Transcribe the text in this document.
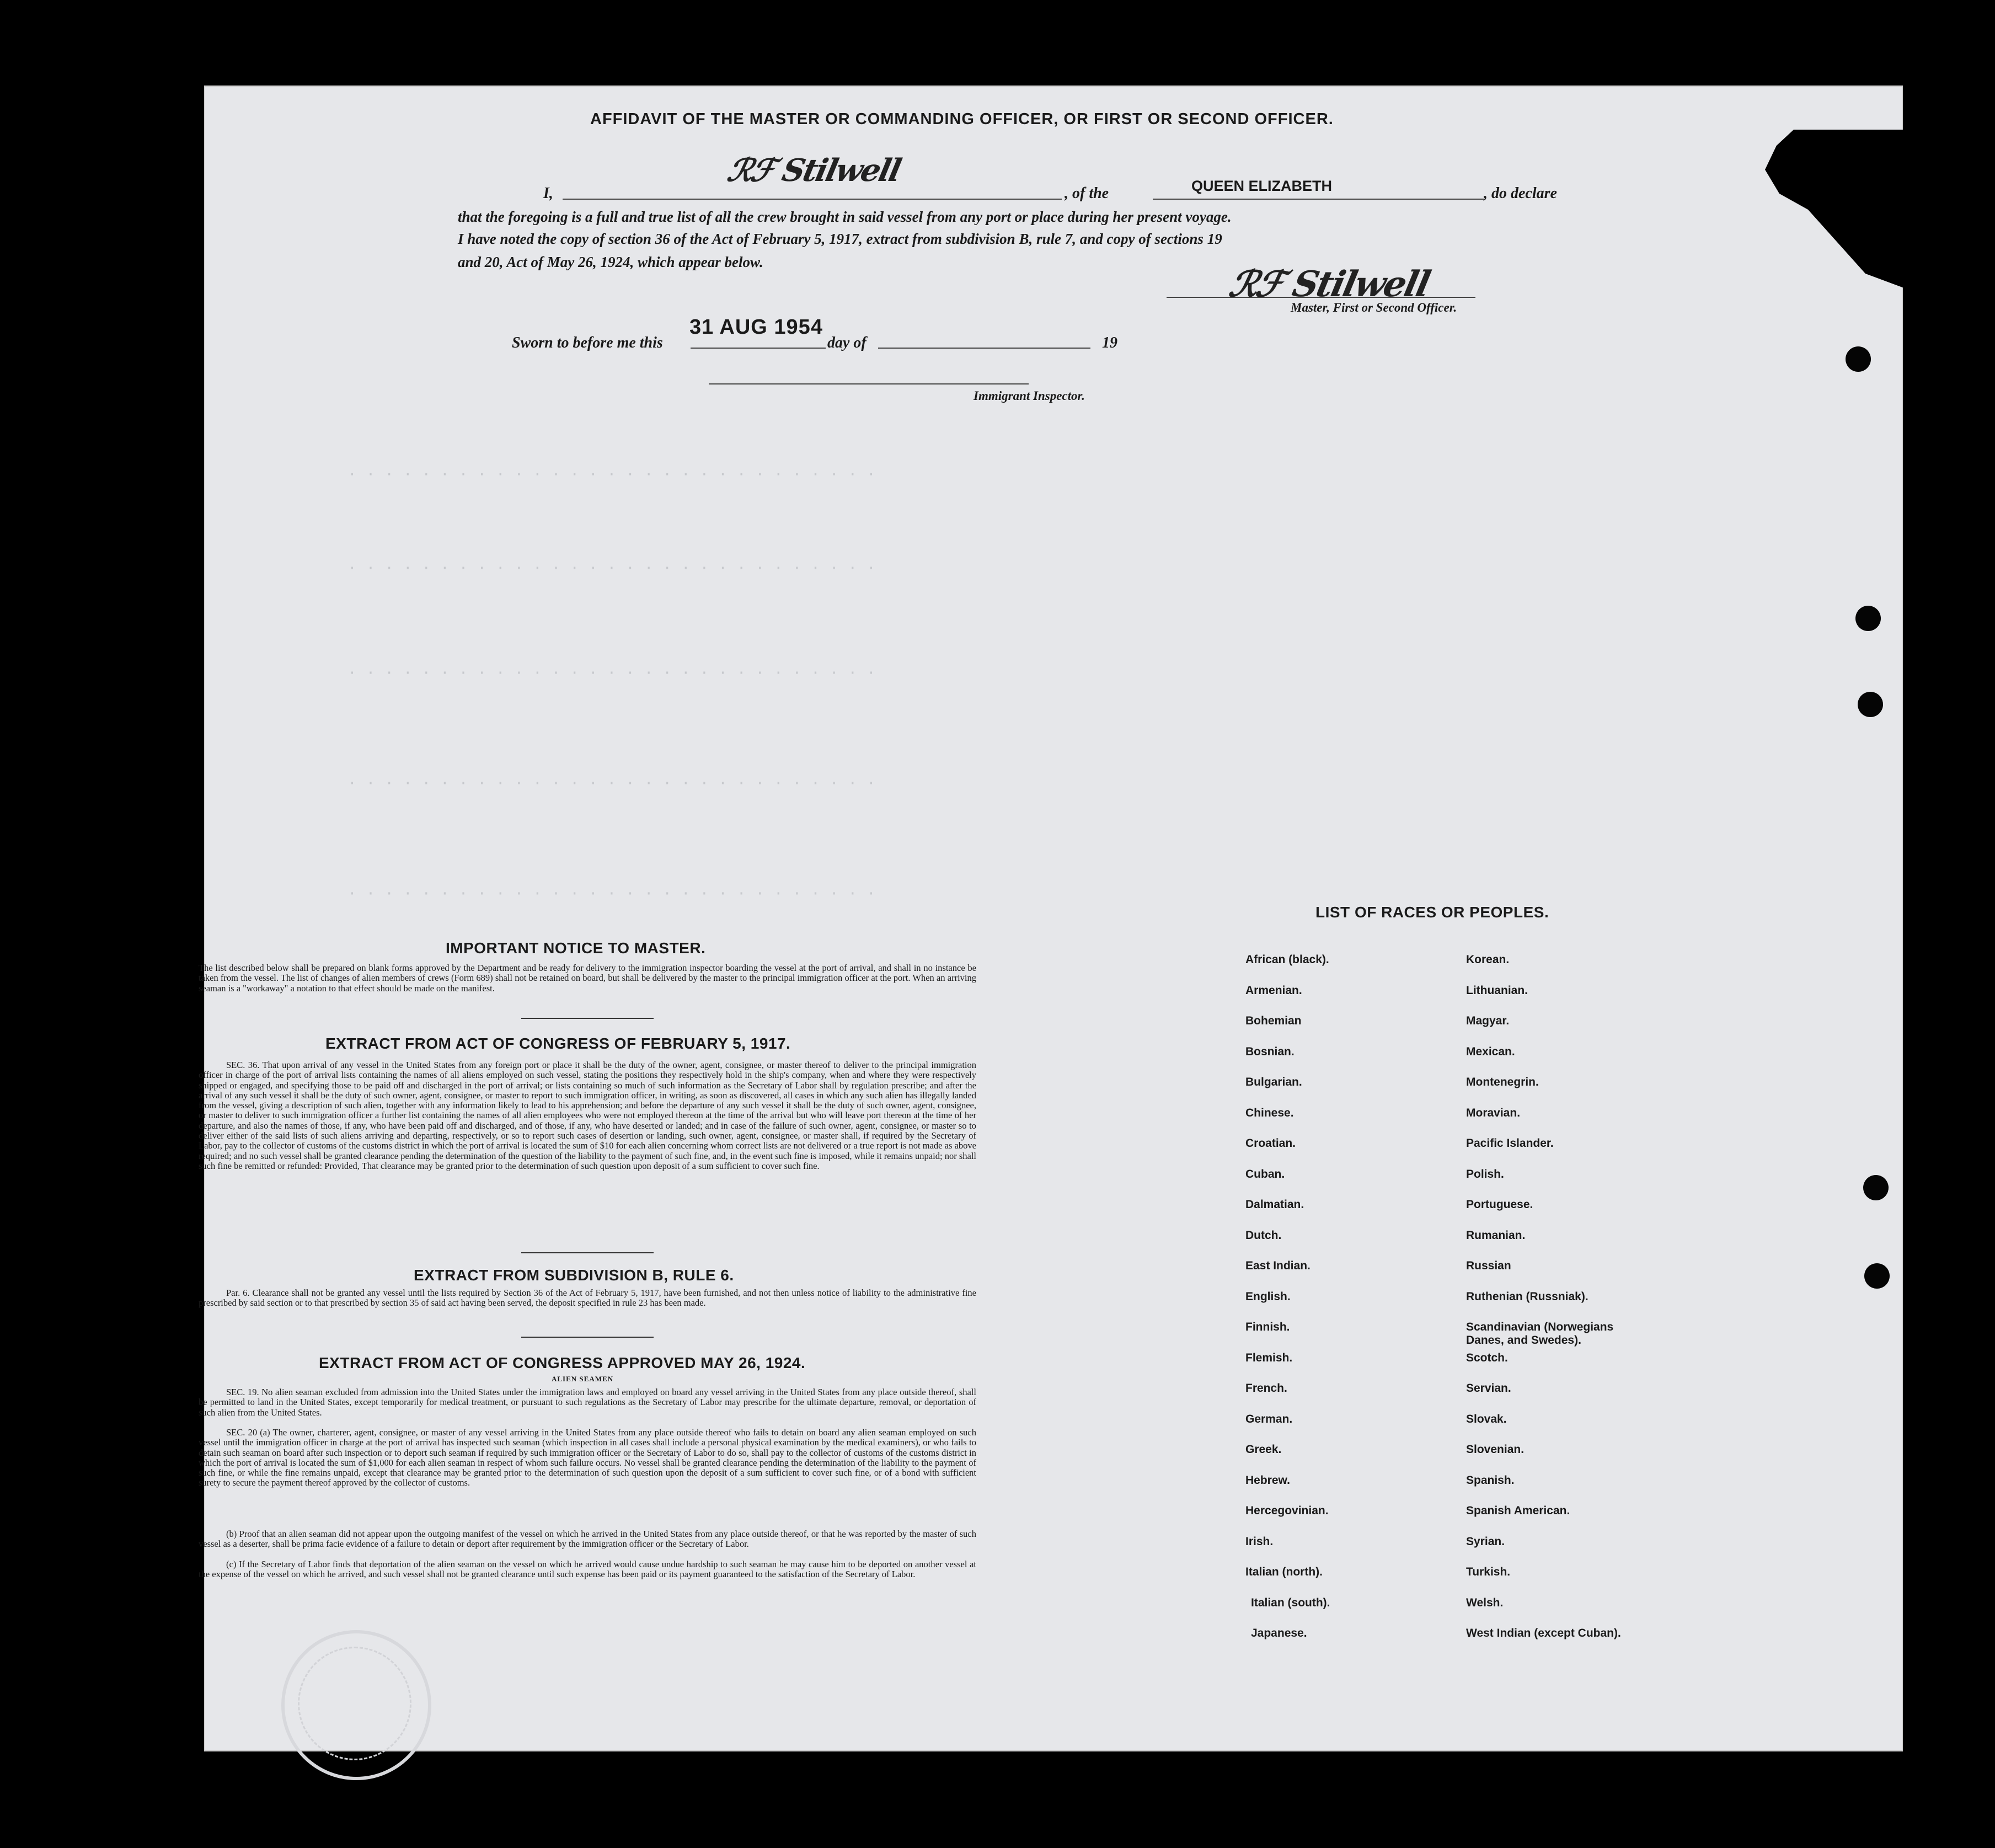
· · · · · · · · · · · · · · · · · · · · · · · · · · · · ·
· · · · · · · · · · · · · · · · · · · · · · · · · · · · ·
· · · · · · · · · · · · · · · · · · · · · · · · · · · · ·
· · · · · · · · · · · · · · · · · · · · · · · · · · · · ·
· · · · · · · · · · · · · · · · · · · · · · · · · · · · ·
AFFIDAVIT OF THE MASTER OR COMMANDING OFFICER, OR FIRST OR SECOND OFFICER.
I,
ℛℱ Stilwell
, of the	QUEEN ELIZABETH	, do declare
that the foregoing is a full and true list of all the crew brought in said vessel from any port or place during her present voyage.
I have noted the copy of section 36 of the Act of February 5, 1917, extract from subdivision B, rule 7, and copy of sections 19
and 20, Act of May 26, 1924, which appear below.
ℛℱ Stilwell
Master, First or Second Officer.
Sworn to before me this
31 AUG 1954
day of	19
Immigrant Inspector.
IMPORTANT NOTICE TO MASTER.
The list described below shall be prepared on blank forms approved by the Department and be ready for delivery to the immigration inspector boarding the vessel at the port of arrival, and shall in no instance be taken from the vessel. The list of changes of alien members of crews (Form 689) shall not be retained on board, but shall be delivered by the master to the principal immigration officer at the port. When an arriving seaman is a "workaway" a notation to that effect should be made on the manifest.
EXTRACT FROM ACT OF CONGRESS OF FEBRUARY 5, 1917.
SEC. 36. That upon arrival of any vessel in the United States from any foreign port or place it shall be the duty of the owner, agent, consignee, or master thereof to deliver to the principal immigration officer in charge of the port of arrival lists containing the names of all aliens employed on such vessel, stating the positions they respectively hold in the ship's company, when and where they were respectively shipped or engaged, and specifying those to be paid off and discharged in the port of arrival; or lists containing so much of such information as the Secretary of Labor shall by regulation prescribe; and after the arrival of any such vessel it shall be the duty of such owner, agent, consignee, or master to report to such immigration officer, in writing, as soon as discovered, all cases in which any such alien has illegally landed from the vessel, giving a description of such alien, together with any information likely to lead to his apprehension; and before the departure of any such vessel it shall be the duty of such owner, agent, consignee, or master to deliver to such immigration officer a further list containing the names of all alien employees who were not employed thereon at the time of the arrival but who will leave port thereon at the time of her departure, and also the names of those, if any, who have been paid off and discharged, and of those, if any, who have deserted or landed; and in case of the failure of such owner, agent, consignee, or master so to deliver either of the said lists of such aliens arriving and departing, respectively, or so to report such cases of desertion or landing, such owner, agent, consignee, or master shall, if required by the Secretary of Labor, pay to the collector of customs of the customs district in which the port of arrival is located the sum of $10 for each alien concerning whom correct lists are not delivered or a true report is not made as above required; and no such vessel shall be granted clearance pending the determination of the question of the liability to the payment of such fine, and, in the event such fine is imposed, while it remains unpaid; nor shall such fine be remitted or refunded: Provided, That clearance may be granted prior to the determination of such question upon deposit of a sum sufficient to cover such fine.
EXTRACT FROM SUBDIVISION B, RULE 6.
Par. 6. Clearance shall not be granted any vessel until the lists required by Section 36 of the Act of February 5, 1917, have been furnished, and not then unless notice of liability to the administrative fine prescribed by said section or to that prescribed by section 35 of said act having been served, the deposit specified in rule 23 has been made.
EXTRACT FROM ACT OF CONGRESS APPROVED MAY 26, 1924.
ALIEN SEAMEN
SEC. 19. No alien seaman excluded from admission into the United States under the immigration laws and employed on board any vessel arriving in the United States from any place outside thereof, shall be permitted to land in the United States, except temporarily for medical treatment, or pursuant to such regulations as the Secretary of Labor may prescribe for the ultimate departure, removal, or deportation of such alien from the United States.
SEC. 20 (a) The owner, charterer, agent, consignee, or master of any vessel arriving in the United States from any place outside thereof who fails to detain on board any alien seaman employed on such vessel until the immigration officer in charge at the port of arrival has inspected such seaman (which inspection in all cases shall include a personal physical examination by the medical examiners), or who fails to detain such seaman on board after such inspection or to deport such seaman if required by such immigration officer or the Secretary of Labor to do so, shall pay to the collector of customs of the customs district in which the port of arrival is located the sum of $1,000 for each alien seaman in respect of whom such failure occurs. No vessel shall be granted clearance pending the determination of the liability to the payment of such fine, or while the fine remains unpaid, except that clearance may be granted prior to the determination of such question upon the deposit of a sum sufficient to cover such fine, or of a bond with sufficient surety to secure the payment thereof approved by the collector of customs.
(b) Proof that an alien seaman did not appear upon the outgoing manifest of the vessel on which he arrived in the United States from any place outside thereof, or that he was reported by the master of such vessel as a deserter, shall be prima facie evidence of a failure to detain or deport after requirement by the immigration officer or the Secretary of Labor.
(c) If the Secretary of Labor finds that deportation of the alien seaman on the vessel on which he arrived would cause undue hardship to such seaman he may cause him to be deported on another vessel at the expense of the vessel on which he arrived, and such vessel shall not be granted clearance until such expense has been paid or its payment guaranteed to the satisfaction of the Secretary of Labor.
LIST OF RACES OR PEOPLES.
African (black).
Armenian.
Bohemian
Bosnian.
Bulgarian.
Chinese.
Croatian.
Cuban.
Dalmatian.
Dutch.
East Indian.
English.
Finnish.
Flemish.
French.
German.
Greek.
Hebrew.
Hercegovinian.
Irish.
Italian (north).
Italian (south).
Japanese.
Korean.
Lithuanian.
Magyar.
Mexican.
Montenegrin.
Moravian.
Pacific Islander.
Polish.
Portuguese.
Rumanian.
Russian
Ruthenian (Russniak).
Scandinavian (Norwegians
Danes, and Swedes).
Scotch.
Servian.
Slovak.
Slovenian.
Spanish.
Spanish American.
Syrian.
Turkish.
Welsh.
West Indian (except Cuban).
